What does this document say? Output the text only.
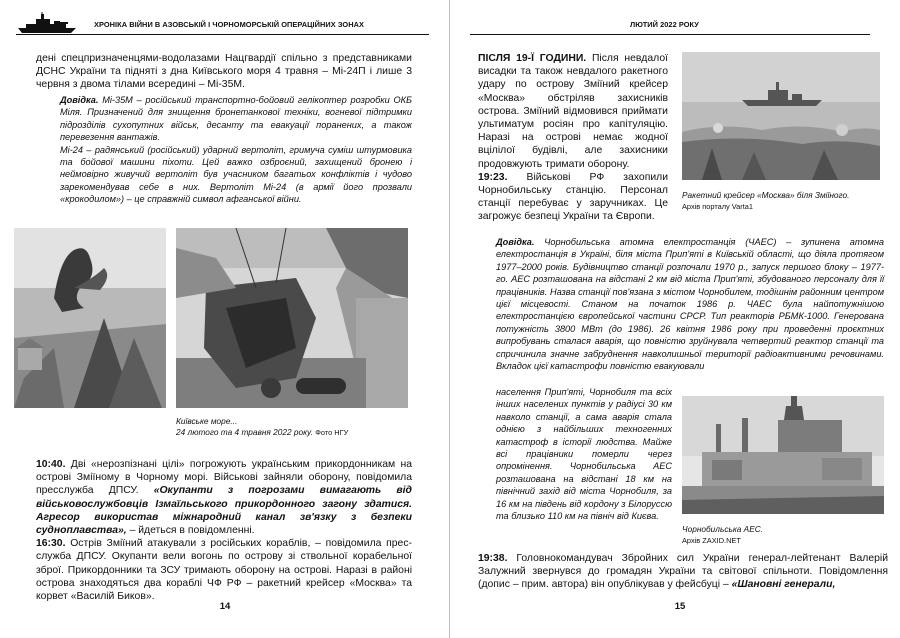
ХРОНІКА ВІЙНИ В АЗОВСЬКІЙ І ЧОРНОМОРСЬКІЙ ОПЕРАЦІЙНИХ ЗОНАХ

дені спецпризначенцями-водолазами Нацгвардії спільно з представниками ДСНС України та підняті з дна Київського моря 4 травня – Мі-24П і лише 3 червня з двома тілами всередині – Мі-35М.

Довідка. Мі-35М – російський транспортно-бойовий гелікоптер розробки ОКБ Міля. Призначений для знищення бронетанкової техніки, вогневої підтримки підрозділів сухопутних військ, десанту та евакуації поранених, а також перевезення вантажів.

Мі-24 – радянський (російський) ударний вертоліт, гримуча суміш штурмовика та бойової машини піхоти. Цей важко озброєний, захищений бронею і неймовірно живучий вертоліт був учасником багатьох конфліктів і чудово зарекомендував себе в них. Вертоліт Мі-24 (в армії його прозвали «крокодилом») – це справжній символ афганської війни.

Київське море...
24 лютого та 4 травня 2022 року. Фото НГУ

10:40. Дві «нерозпізнані цілі» погрожують українським прикордонникам на острові Зміїному в Чорному морі. Військові зайняли оборону, повідомила пресслужба ДПСУ. «Окупанти з погрозами вимагають від військовослужбовців Ізмаїльського прикордонного загону здатися. Агресор використав міжнародний канал зв'язку з безпеки судноплавства», – йдеться в повідомленні.

16:30. Острів Зміїний атакували з російських кораблів, – повідомила прес-служба ДПСУ. Окупанти вели вогонь по острову зі ствольної корабельної зброї. Прикордонники та ЗСУ тримають оборону на острові. Наразі в районі острова знаходяться два кораблі ЧФ РФ – ракетний крейсер «Москва» та корвет «Василій Биков».

14
ЛЮТИЙ 2022 РОКУ

ПІСЛЯ 19-Ї ГОДИНИ. Після невдалої висадки та також невдалого ракетного удару по острову Зміїний крейсер «Москва» обстріляв захисників острова. Зміїний відмовився приймати ультиматум росіян про капітуляцію. Наразі на острові немає жодної вцілілої будівлі, але захисники продовжують тримати оборону.

19:23. Військові РФ захопили Чорнобильську станцію. Персонал станції перебуває у заручниках. Це загрожує безпеці України та Європи.

Ракетний крейсер «Москва» біля Зміїного.
Архів порталу Varta1

Довідка. Чорнобильська атомна електростанція (ЧАЕС) – зупинена атомна електростанція в Україні, біля міста Прип'яті в Київській області, що діяла протягом 1977–2000 років. Будівництво станції розпочали 1970 р., запуск першого блоку – 1977-го. АЕС розташована на відстані 2 км від міста Прип'яті, збудованого персоналу для її працівників. Назва станції пов'язана з містом Чорнобилем, тодішнім районним центром цієї місцевості. Станом на початок 1986 р. ЧАЕС була найпотужнішою електростанцією європейської частини СРСР. Тип реакторів РБМК-1000. Генерована потужність 3800 МВт (до 1986). 26 квітня 1986 року при проведенні проєктних випробувань сталася аварія, що повністю зруйнувала четвертий реактор станції та спричинила значне забруднення навколишньої території радіоактивними речовинами. Вкладок цієї катастрофи повністю евакуювали

населення Прип'яті, Чорнобиля та всіх інших населених пунктів у радіусі 30 км навколо станції, а сама аварія стала однією з найбільших техногенних катастроф в історії людства. Майже всі працівники померли через опромінення. Чорнобильська АЕС розташована на відстані 18 км на північний захід від міста Чорнобиля, за 16 км на південь від кордону з Білоруссю та близько 110 км на північ від Києва.

Чорнобильська АЕС.
Архів ZAXID.NET

19:38. Головнокомандувач Збройних сил України генерал-лейтенант Валерій Залужний звернувся до громадян України та світової спільноти. Повідомлення (допис – прим. автора) він опублікував у фейсбуці – «Шановні генерали,

15
